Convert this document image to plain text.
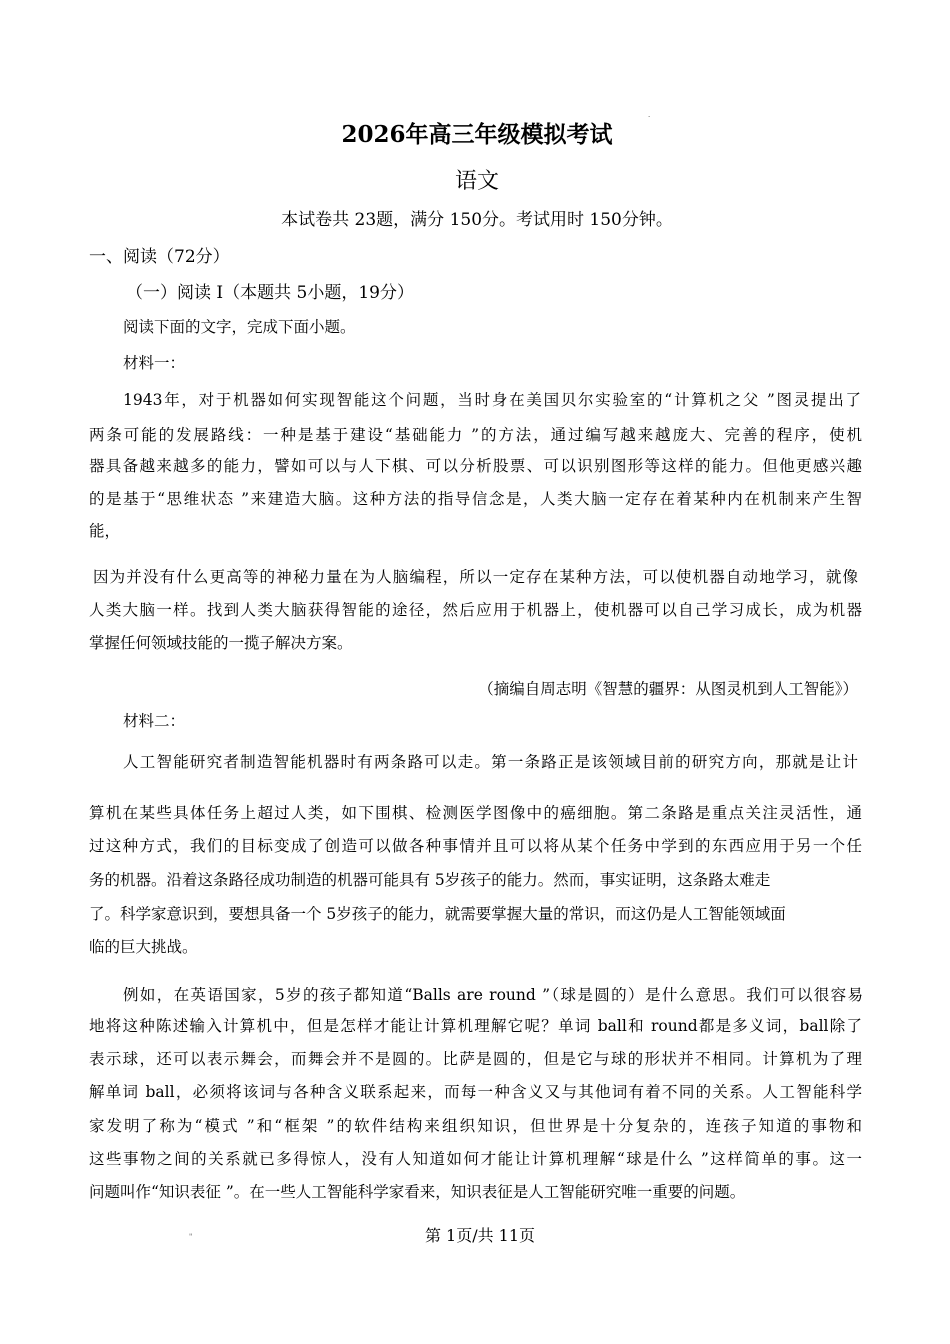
2026年高三年级模拟考试
语文
本试卷共 23题，满分 150分。考试用时 150分钟。
一、阅读（72分）
（一）阅读 I（本题共 5小题，19分）
阅读下面的文字，完成下面小题。
材料一：
1943年，对于机器如何实现智能这个问题，当时身在美国贝尔实验室的“计算机之父 ”图灵提出了
两条可能的发展路线：一种是基于建设“基础能力 ”的方法，通过编写越来越庞大、完善的程序，使机
器具备越来越多的能力，譬如可以与人下棋、可以分析股票、可以识别图形等这样的能力。但他更感兴趣
的是基于“思维状态 ”来建造大脑。这种方法的指导信念是，人类大脑一定存在着某种内在机制来产生智
能，
因为并没有什么更高等的神秘力量在为人脑编程，所以一定存在某种方法，可以使机器自动地学习，就像
人类大脑一样。找到人类大脑获得智能的途径，然后应用于机器上，使机器可以自己学习成长，成为机器
掌握任何领域技能的一揽子解决方案。
（摘编自周志明《智慧的疆界：从图灵机到人工智能》）
材料二：
人工智能研究者制造智能机器时有两条路可以走。第一条路正是该领域目前的研究方向，那就是让计
算机在某些具体任务上超过人类，如下围棋、检测医学图像中的癌细胞。第二条路是重点关注灵活性，通
过这种方式，我们的目标变成了创造可以做各种事情并且可以将从某个任务中学到的东西应用于另一个任
务的机器。沿着这条路径成功制造的机器可能具有 5岁孩子的能力。然而，事实证明，这条路太难走
了。科学家意识到，要想具备一个 5岁孩子的能力，就需要掌握大量的常识，而这仍是人工智能领域面
临的巨大挑战。
例如，在英语国家，5岁的孩子都知道“Balls are round ”（球是圆的）是什么意思。我们可以很容易
地将这种陈述输入计算机中，但是怎样才能让计算机理解它呢？单词 ball和 round都是多义词，ball除了
表示球，还可以表示舞会，而舞会并不是圆的。比萨是圆的，但是它与球的形状并不相同。计算机为了理
解单词 ball，必须将该词与各种含义联系起来，而每一种含义又与其他词有着不同的关系。人工智能科学
家发明了称为“模式 ”和“框架 ”的软件结构来组织知识，但世界是十分复杂的，连孩子知道的事物和
这些事物之间的关系就已多得惊人，没有人知道如何才能让计算机理解“球是什么 ”这样简单的事。这一
问题叫作“知识表征 ”。在一些人工智能科学家看来，知识表征是人工智能研究唯一重要的问题。
第 1页/共 11页
·
"
